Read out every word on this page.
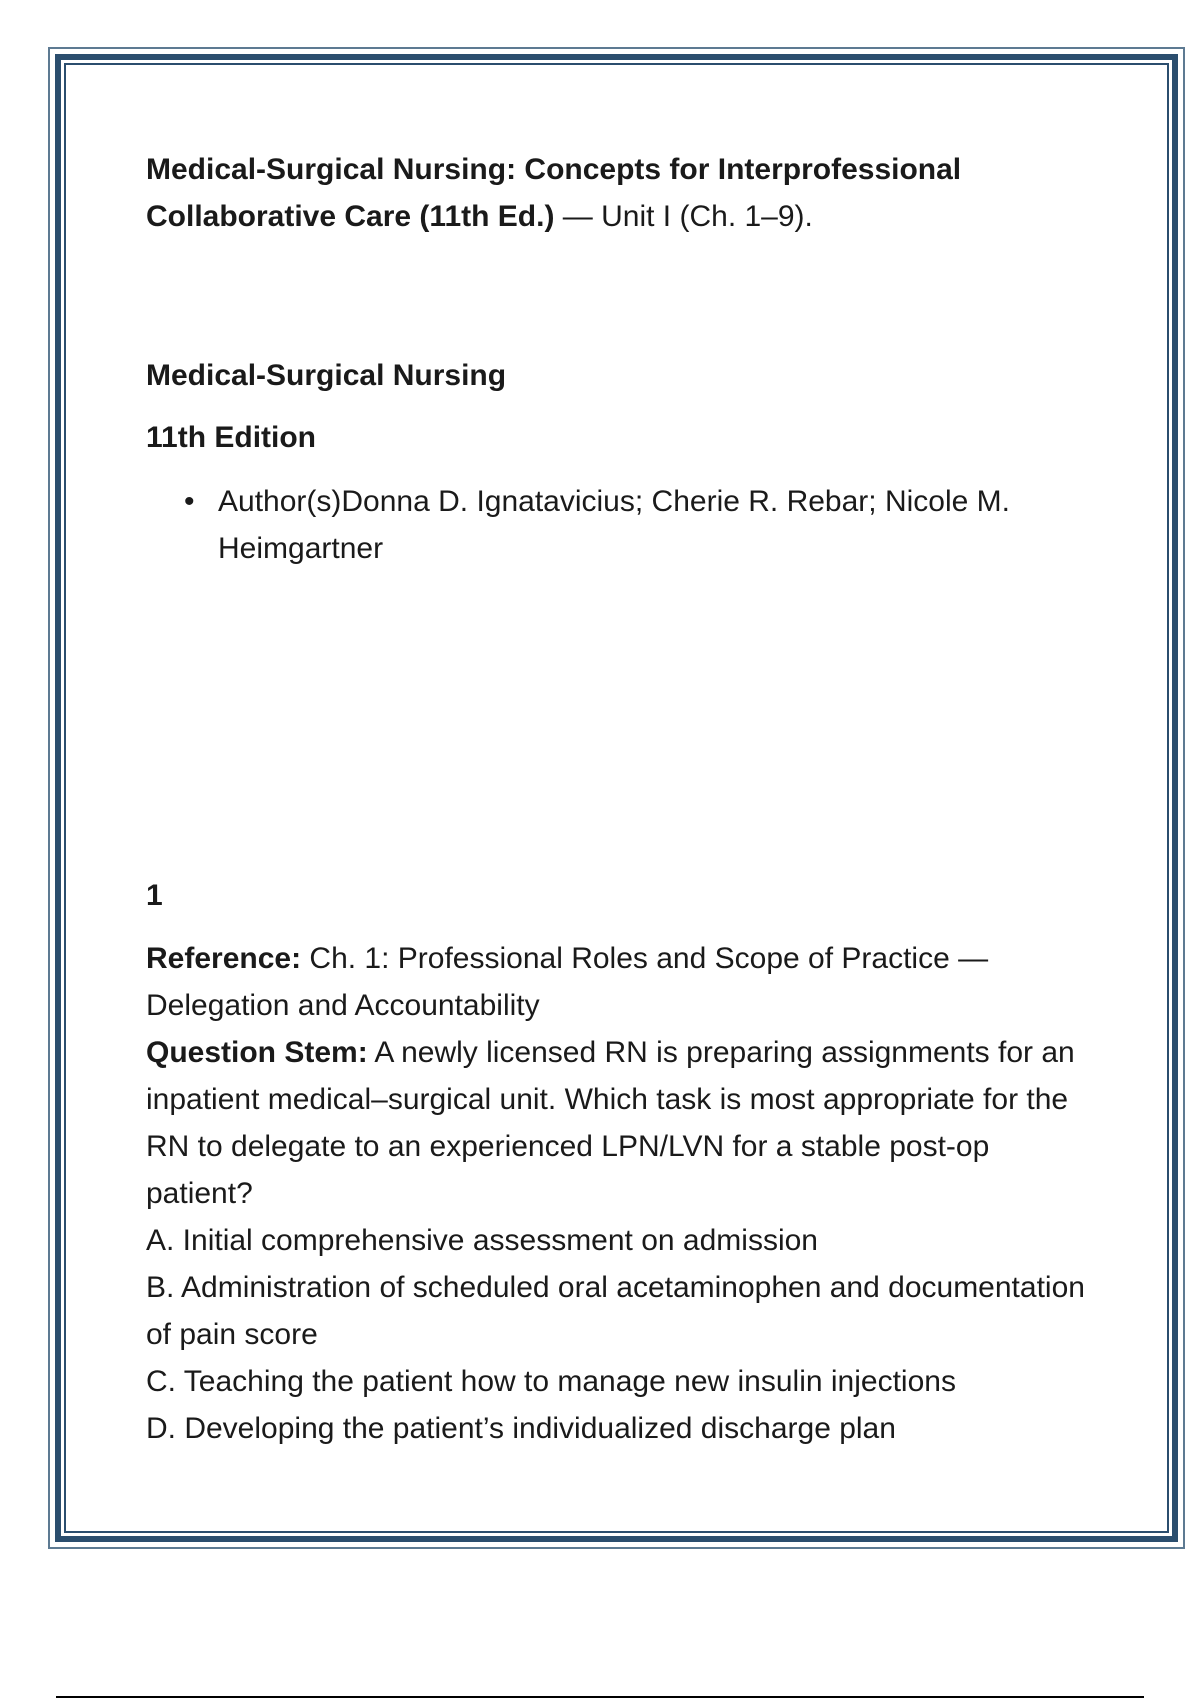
Medical-Surgical Nursing: Concepts for Interprofessional Collaborative Care (11th Ed.) — Unit I (Ch. 1–9).

Medical-Surgical Nursing

11th Edition

• Author(s)Donna D. Ignatavicius; Cherie R. Rebar; Nicole M. Heimgartner

1

Reference: Ch. 1: Professional Roles and Scope of Practice — Delegation and Accountability

Question Stem: A newly licensed RN is preparing assignments for an inpatient medical–surgical unit. Which task is most appropriate for the RN to delegate to an experienced LPN/LVN for a stable post-op patient?

A. Initial comprehensive assessment on admission

B. Administration of scheduled oral acetaminophen and documentation of pain score

C. Teaching the patient how to manage new insulin injections

D. Developing the patient’s individualized discharge plan
